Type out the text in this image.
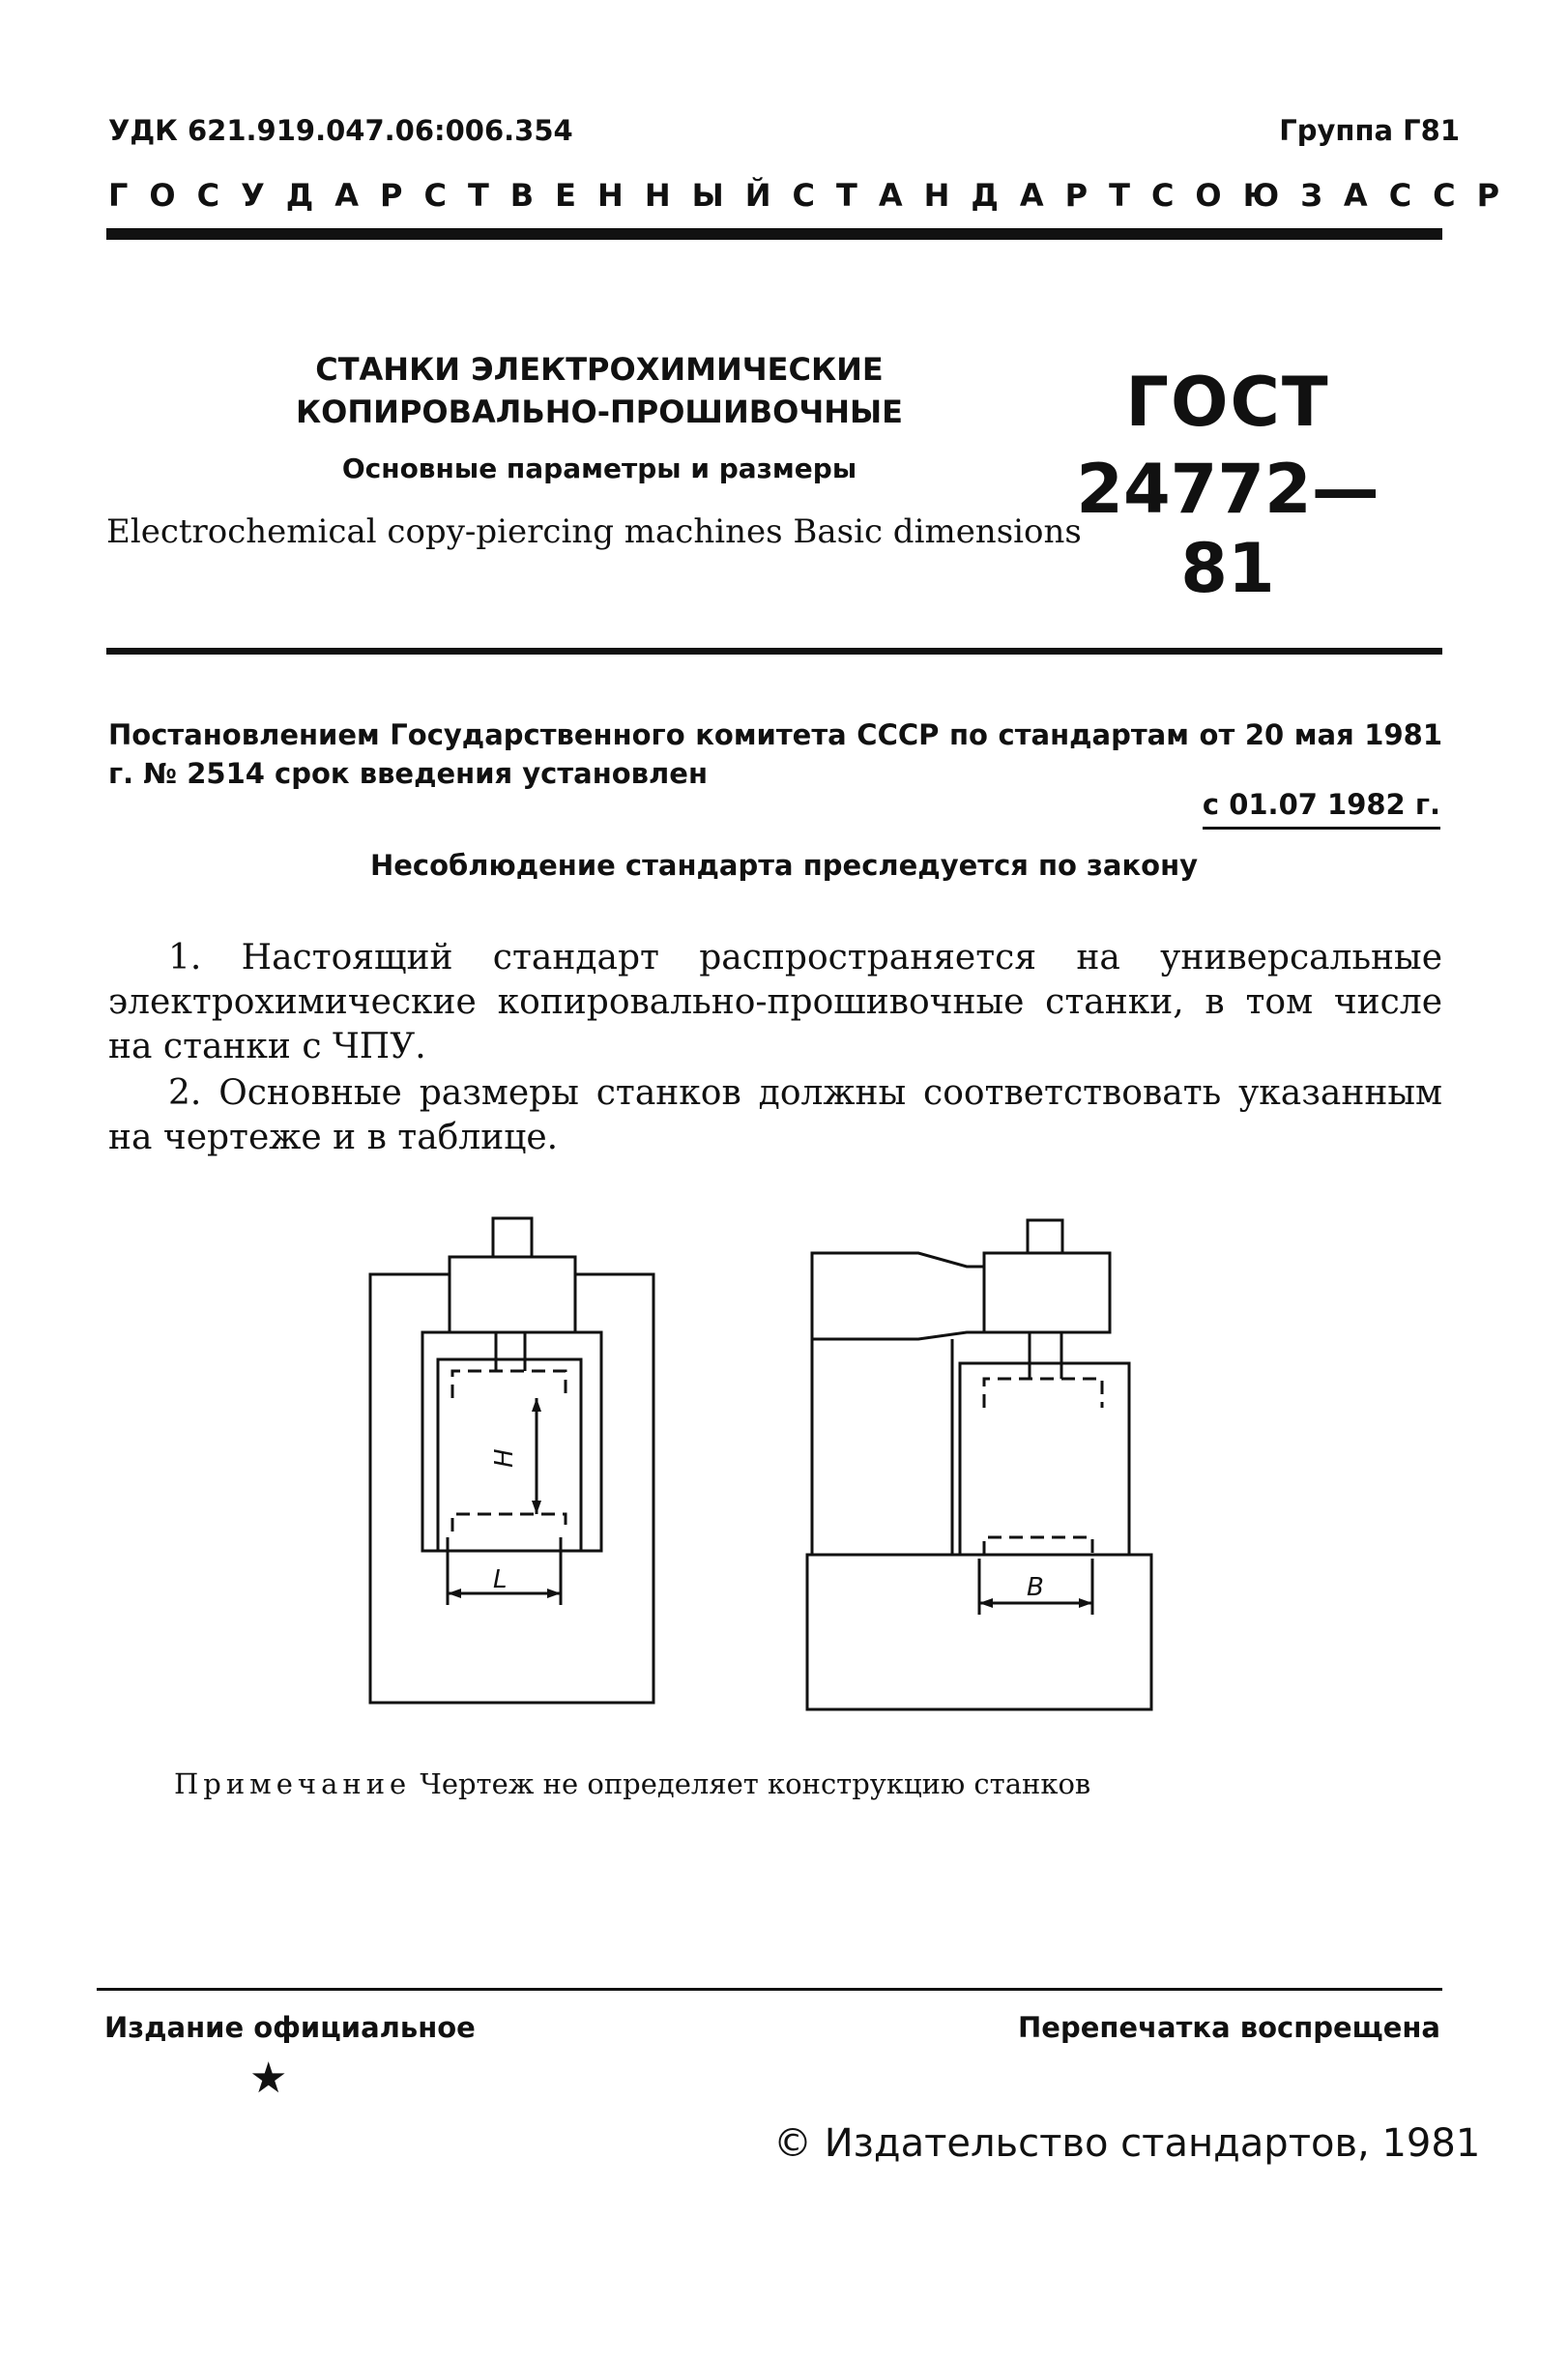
УДК 621.919.047.06:006.354	Группа Г81
ГОСУДАРСТВЕННЫЙ СТАНДАРТ СОЮЗА ССР
СТАНКИ ЭЛЕКТРОХИМИЧЕСКИЕ
КОПИРОВАЛЬНО-ПРОШИВОЧНЫЕ
Основные параметры и размеры
Electrochemical copy-piercing machines Basic dimensions
ГОСТ
24772—81
Постановлением Государственного комитета СССР по стандартам от 20 мая 1981 г. № 2514 срок введения установлен
с 01.07 1982 г.
Несоблюдение стандарта преследуется по закону
1. Настоящий стандарт распространяется на универсальные электрохимические копировально-прошивочные станки, в том числе на станки с ЧПУ.
2. Основные размеры станков должны соответствовать указанным на чертеже и в таблице.
H
L	B
Примечание Чертеж не определяет конструкцию станков
Издание официальное	Перепечатка воспрещена
★
© Издательство стандартов, 1981
